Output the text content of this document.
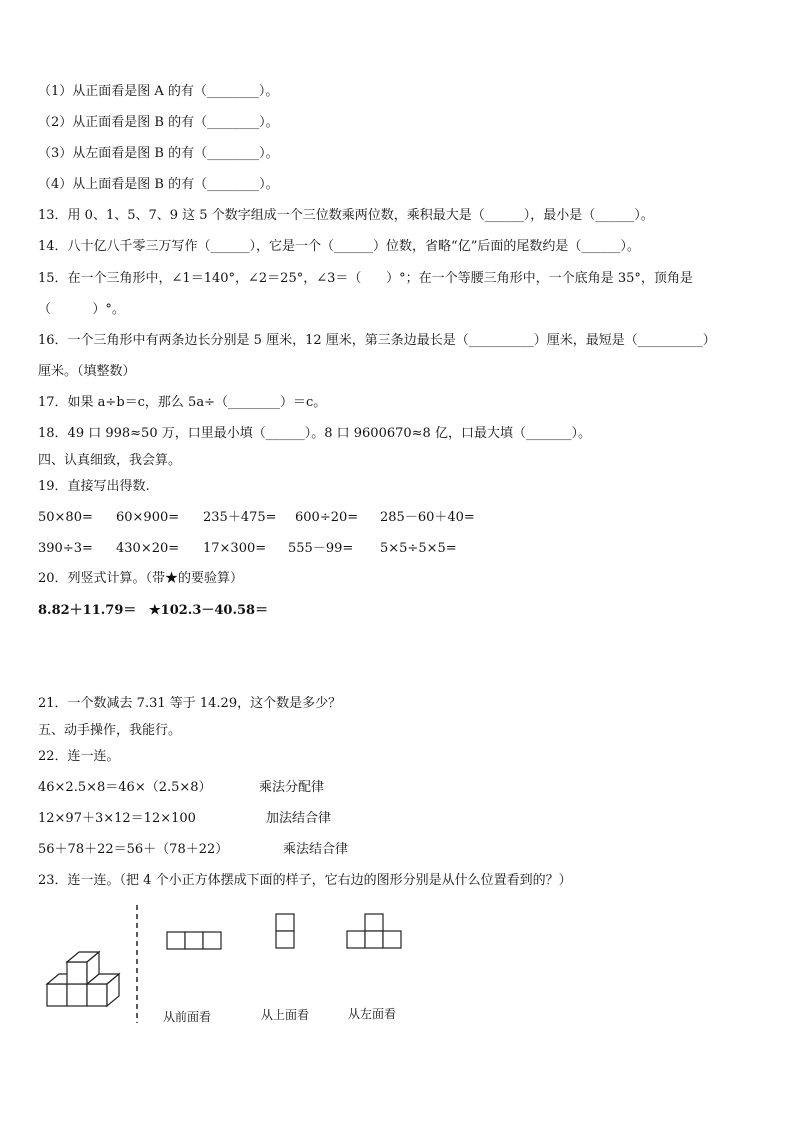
（1）从正面看是图 A 的有（________）。
（2）从正面看是图 B 的有（________）。
（3）从左面看是图 B 的有（________）。
（4）从上面看是图 B 的有（________）。
13．用 0、1、5、7、9 这 5 个数字组成一个三位数乘两位数，乘积最大是（______），最小是（______）。
14．八十亿八千零三万写作（______），它是一个（______）位数，省略“亿”后面的尾数约是（______）。
15．在一个三角形中，∠1＝140°，∠2＝25°，∠3＝（      ）°；在一个等腰三角形中，一个底角是 35°，顶角是
（          ）°。
16．一个三角形中有两条边长分别是 5 厘米，12 厘米，第三条边最长是（__________）厘米，最短是（__________）
厘米。（填整数）
17．如果 a÷b＝c，那么 5a÷（________）＝c。
18．49 口 998≈50 万，口里最小填（______）。8 口 9600670≈8 亿，口最大填（_______）。
四、认真细致，我会算。
19．直接写出得数.
50×80= 60×900= 235＋475= 600÷20= 285－60＋40=
390÷3= 430×20= 17×300= 555－99= 5×5÷5×5=
20．列竖式计算。（带★的要验算）
8.82＋11.79＝ ★102.3－40.58＝
21．一个数减去 7.31 等于 14.29，这个数是多少？
五、动手操作，我能行。
22．连一连。
46×2.5×8＝46×（2.5×8）
12×97＋3×12＝12×100
56＋78＋22＝56＋（78＋22）
乘法分配律
加法结合律
乘法结合律
23．连一连。（把 4 个小正方体摆成下面的样子，它右边的图形分别是从什么位置看到的？）
从前面看	从上面看	从左面看
